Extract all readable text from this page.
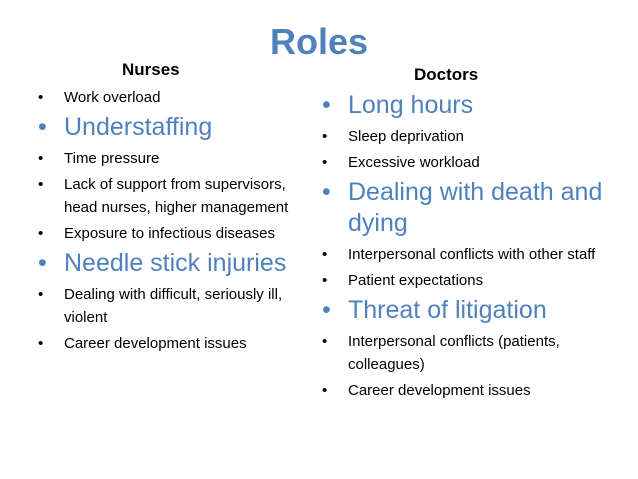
Roles
Nurses	Doctors
• Work overload
• Understaffing
• Time pressure
• Lack of support from supervisors, head nurses, higher management
• Exposure to infectious diseases
• Needle stick injuries
• Dealing with difficult, seriously ill, violent
• Career development issues
• Long hours
• Sleep deprivation
• Excessive workload
• Dealing with death and dying
• Interpersonal conflicts with other staff
• Patient expectations
• Threat of litigation
• Interpersonal conflicts (patients, colleagues)
• Career development issues
